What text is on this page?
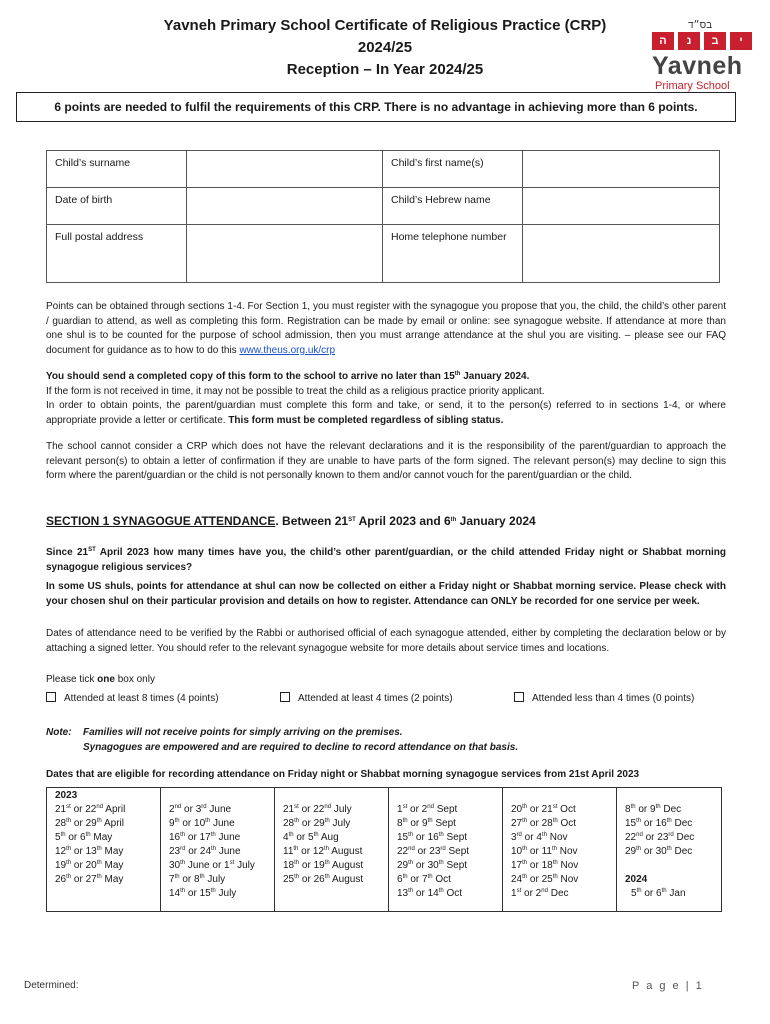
Yavneh Primary School Certificate of Religious Practice (CRP)
2024/25
Reception – In Year 2024/25
בס״ד
ה	נ	ב	י
Yavneh
Primary School
6 points are needed to fulfil the requirements of this CRP. There is no advantage in achieving more than 6 points.
Child’s surname		Child’s first name(s)	
Date of birth		Child’s Hebrew name	
Full postal address		Home telephone number	
Points can be obtained through sections 1-4. For Section 1, you must register with the synagogue you propose that you, the child, the child’s other parent / guardian to attend, as well as completing this form. Registration can be made by email or online: see synagogue website. If attendance at more than one shul is to be counted for the purpose of school admission, then you must arrange attendance at the shul you are visiting. – please see our FAQ document for guidance as to how to do this www.theus.org.uk/crp
You should send a completed copy of this form to the school to arrive no later than 15th January 2024.
If the form is not received in time, it may not be possible to treat the child as a religious practice priority applicant.
In order to obtain points, the parent/guardian must complete this form and take, or send, it to the person(s) referred to in sections 1-4, or where appropriate provide a letter or certificate. This form must be completed regardless of sibling status.
The school cannot consider a CRP which does not have the relevant declarations and it is the responsibility of the parent/guardian to approach the relevant person(s) to obtain a letter of confirmation if they are unable to have parts of the form signed. The relevant person(s) may decline to sign this form where the parent/guardian or the child is not personally known to them and/or cannot vouch for the parent/guardian or the child.
SECTION 1 SYNAGOGUE ATTENDANCE. Between 21ST April 2023 and 6th January 2024
Since 21ST April 2023 how many times have you, the child’s other parent/guardian, or the child attended Friday night or Shabbat morning synagogue religious services?
In some US shuls, points for attendance at shul can now be collected on either a Friday night or Shabbat morning service. Please check with your chosen shul on their particular provision and details on how to register. Attendance can ONLY be recorded for one service per week.
Dates of attendance need to be verified by the Rabbi or authorised official of each synagogue attended, either by completing the declaration below or by attaching a signed letter. You should refer to the relevant synagogue website for more details about service times and locations.
Please tick one box only
Attended at least 8 times (4 points)	Attended at least 4 times (2 points)	Attended less than 4 times (0 points)
Note: Families will not receive points for simply arriving on the premises.
Synagogues are empowered and are required to decline to record attendance on that basis.
Dates that are eligible for recording attendance on Friday night or Shabbat morning synagogue services from 21st April 2023
2023
21st or 22nd April
28th or 29th April
5th or 6th May
12th or 13th May
19th or 20th May
26th or 27th May

2nd or 3rd June
9th or 10th June
16th or 17th June
23rd or 24th June
30th June or 1st July
7th or 8th July
14th or 15th July

21st or 22nd July
28th or 29th July
4th or 5th Aug
11th or 12th August
18th or 19th August
25th or 26th August

1st or 2nd Sept
8th or 9th Sept
15th or 16th Sept
22nd or 23rd Sept
29th or 30th Sept
6th or 7th Oct
13th or 14th Oct

20th or 21st Oct
27th or 28th Oct
3rd or 4th Nov
10th or 11th Nov
17th or 18th Nov
24th or 25th Nov
1st or 2nd Dec

8th or 9th Dec
15th or 16th Dec
22nd or 23rd Dec
29th or 30th Dec
2024
5th or 6th Jan
Determined:	P a g e | 1
